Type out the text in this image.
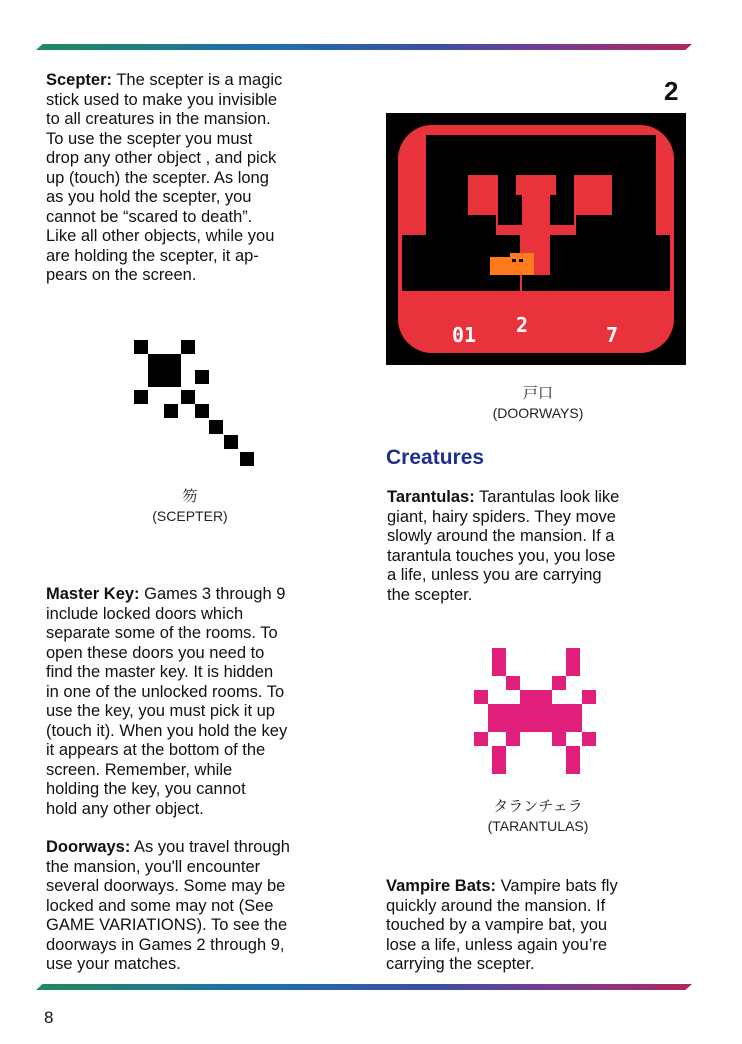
2

Scepter: The scepter is a magic
stick used to make you invisible
to all creatures in the mansion.
To use the scepter you must
drop any other object , and pick
up (touch) the scepter. As long
as you hold the scepter, you
cannot be “scared to death”.
Like all other objects, while you
are holding the scepter, it ap-
pears on the screen.

笏
(SCEPTER)
01 2	7
戸口
(DOORWAYS)
Creatures

Tarantulas: Tarantulas look like
giant, hairy spiders. They move
slowly around the mansion. If a
tarantula touches you, you lose
a life, unless you are carrying
the scepter.

タランチェラ
(TARANTULAS)

Master Key: Games 3 through 9
include locked doors which
separate some of the rooms. To
open these doors you need to
find the master key. It is hidden
in one of the unlocked rooms. To
use the key, you must pick it up
(touch it). When you hold the key
it appears at the bottom of the
screen. Remember, while
holding the key, you cannot
hold any other object.

Doorways: As you travel through
the mansion, you'll encounter
several doorways. Some may be
locked and some may not (See
GAME VARIATIONS). To see the
doorways in Games 2 through 9,
use your matches.

Vampire Bats: Vampire bats fly
quickly around the mansion. If
touched by a vampire bat, you
lose a life, unless again you’re
carrying the scepter.

8
